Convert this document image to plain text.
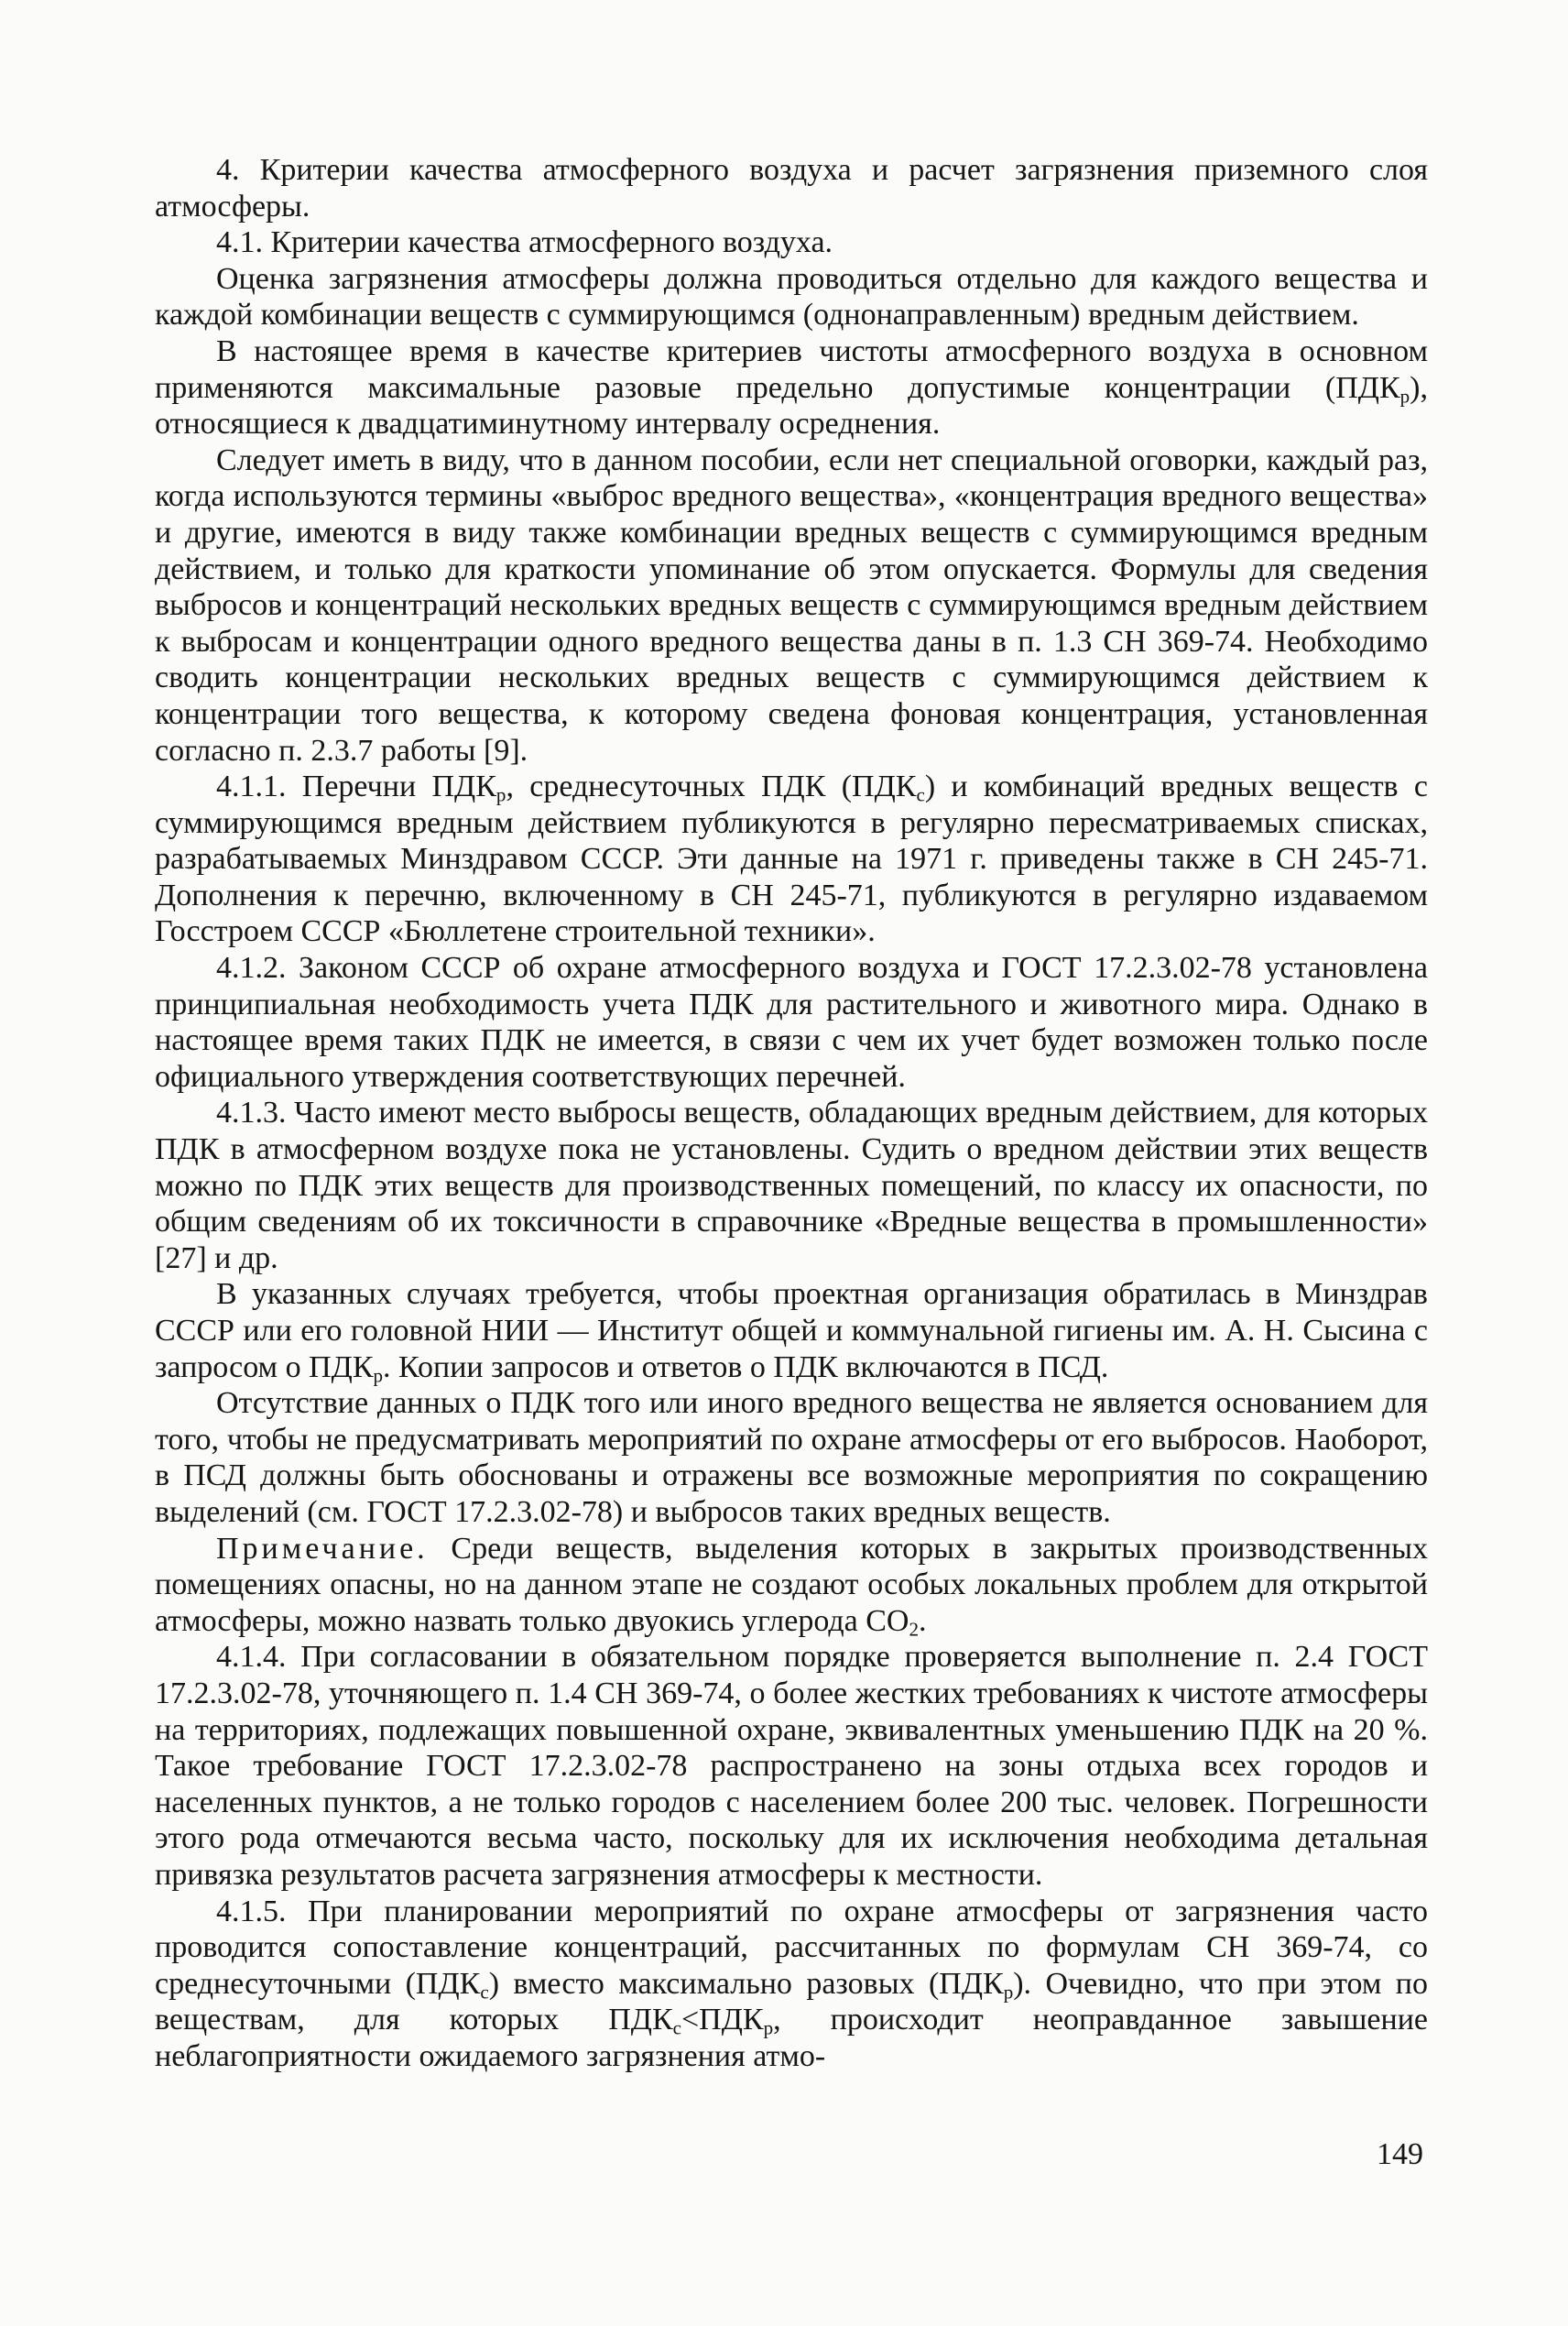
4. Критерии качества атмосферного воздуха и расчет загрязнения приземного слоя атмосферы.

4.1. Критерии качества атмосферного воздуха.

Оценка загрязнения атмосферы должна проводиться отдельно для каждого вещества и каждой комбинации веществ с суммирующимся (однонаправленным) вредным действием.

В настоящее время в качестве критериев чистоты атмосферного воздуха в основном применяются максимальные разовые предельно допустимые концентрации $(ПДК_р)$, относящиеся к двадцатиминутному интервалу осреднения.

Следует иметь в виду, что в данном пособии, если нет специальной оговорки, каждый раз, когда используются термины «выброс вредного вещества», «концентрация вредного вещества» и другие, имеются в виду также комбинации вредных веществ с суммирующимся вредным действием, и только для краткости упоминание об этом опускается. Формулы для сведения выбросов и концентраций нескольких вредных веществ с суммирующимся вредным действием к выбросам и концентрации одного вредного вещества даны в п. 1.3 СН 369-74. Необходимо сводить концентрации нескольких вредных веществ с суммирующимся действием к концентрации того вещества, к которому сведена фоновая концентрация, установленная согласно п. 2.3.7 работы [9].

4.1.1. Перечни $ПДК_р$, среднесуточных ПДК $(ПДК_с)$ и комбинаций вредных веществ с суммирующимся вредным действием публикуются в регулярно пересматриваемых списках, разрабатываемых Минздравом СССР. Эти данные на 1971 г. приведены также в СН 245-71. Дополнения к перечню, включенному в СН 245-71, публикуются в регулярно издаваемом Госстроем СССР «Бюллетене строительной техники».

4.1.2. Законом СССР об охране атмосферного воздуха и ГОСТ 17.2.3.02-78 установлена принципиальная необходимость учета ПДК для растительного и животного мира. Однако в настоящее время таких ПДК не имеется, в связи с чем их учет будет возможен только после официального утверждения соответствующих перечней.

4.1.3. Часто имеют место выбросы веществ, обладающих вредным действием, для которых ПДК в атмосферном воздухе пока не установлены. Судить о вредном действии этих веществ можно по ПДК этих веществ для производственных помещений, по классу их опасности, по общим сведениям об их токсичности в справочнике «Вредные вещества в промышленности» [27] и др.

В указанных случаях требуется, чтобы проектная организация обратилась в Минздрав СССР или его головной НИИ — Институт общей и коммунальной гигиены им. А. Н. Сысина с запросом о $ПДК_р$. Копии запросов и ответов о ПДК включаются в ПСД.

Отсутствие данных о ПДК того или иного вредного вещества не является основанием для того, чтобы не предусматривать мероприятий по охране атмосферы от его выбросов. Наоборот, в ПСД должны быть обоснованы и отражены все возможные мероприятия по сокращению выделений (см. ГОСТ 17.2.3.02-78) и выбросов таких вредных веществ.

Примечание. Среди веществ, выделения которых в закрытых производственных помещениях опасны, но на данном этапе не создают особых локальных проблем для открытой атмосферы, можно назвать только двуокись углерода $СО_2$.

4.1.4. При согласовании в обязательном порядке проверяется выполнение п. 2.4 ГОСТ 17.2.3.02-78, уточняющего п. 1.4 СН 369-74, о более жестких требованиях к чистоте атмосферы на территориях, подлежащих повышенной охране, эквивалентных уменьшению ПДК на 20 %. Такое требование ГОСТ 17.2.3.02-78 распространено на зоны отдыха всех городов и населенных пунктов, а не только городов с населением более 200 тыс. человек. Погрешности этого рода отмечаются весьма часто, поскольку для их исключения необходима детальная привязка результатов расчета загрязнения атмосферы к местности.

4.1.5. При планировании мероприятий по охране атмосферы от загрязнения часто проводится сопоставление концентраций, рассчитанных по формулам СН 369-74, со среднесуточными $(ПДК_с)$ вместо максимально разовых $(ПДК_р)$. Очевидно, что при этом по веществам, для которых $ПДК_с<ПДК_р$, происходит неоправданное завышение неблагоприятности ожидаемого загрязнения атмо-

149
